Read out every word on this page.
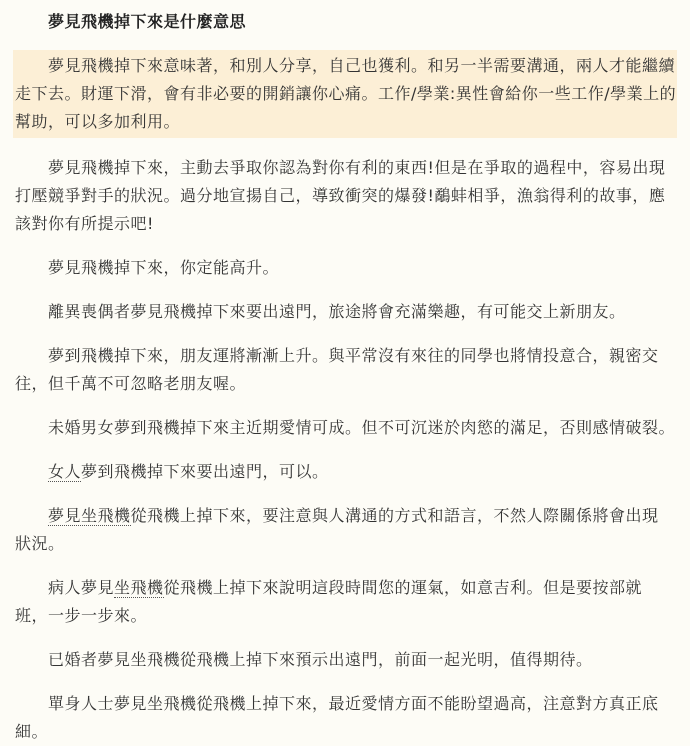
夢見飛機掉下來是什麼意思

夢見飛機掉下來意味著，和別人分享，自己也獲利。和另一半需要溝通，兩人才能繼續走下去。財運下滑，會有非必要的開銷讓你心痛。工作/學業:異性會給你一些工作/學業上的幫助，可以多加利用。

夢見飛機掉下來，主動去爭取你認為對你有利的東西!但是在爭取的過程中，容易出現打壓競爭對手的狀況。過分地宣揚自己，導致衝突的爆發!鷸蚌相爭，漁翁得利的故事，應該對你有所提示吧!

夢見飛機掉下來，你定能高升。

離異喪偶者夢見飛機掉下來要出遠門，旅途將會充滿樂趣，有可能交上新朋友。

夢到飛機掉下來，朋友運將漸漸上升。與平常沒有來往的同學也將情投意合，親密交往，但千萬不可忽略老朋友喔。

未婚男女夢到飛機掉下來主近期愛情可成。但不可沉迷於肉慾的滿足，否則感情破裂。

女人夢到飛機掉下來要出遠門，可以。

夢見坐飛機從飛機上掉下來，要注意與人溝通的方式和語言，不然人際關係將會出現狀況。

病人夢見坐飛機從飛機上掉下來說明這段時間您的運氣，如意吉利。但是要按部就班，一步一步來。

已婚者夢見坐飛機從飛機上掉下來預示出遠門，前面一起光明，值得期待。

單身人士夢見坐飛機從飛機上掉下來，最近愛情方面不能盼望過高，注意對方真正底細。
